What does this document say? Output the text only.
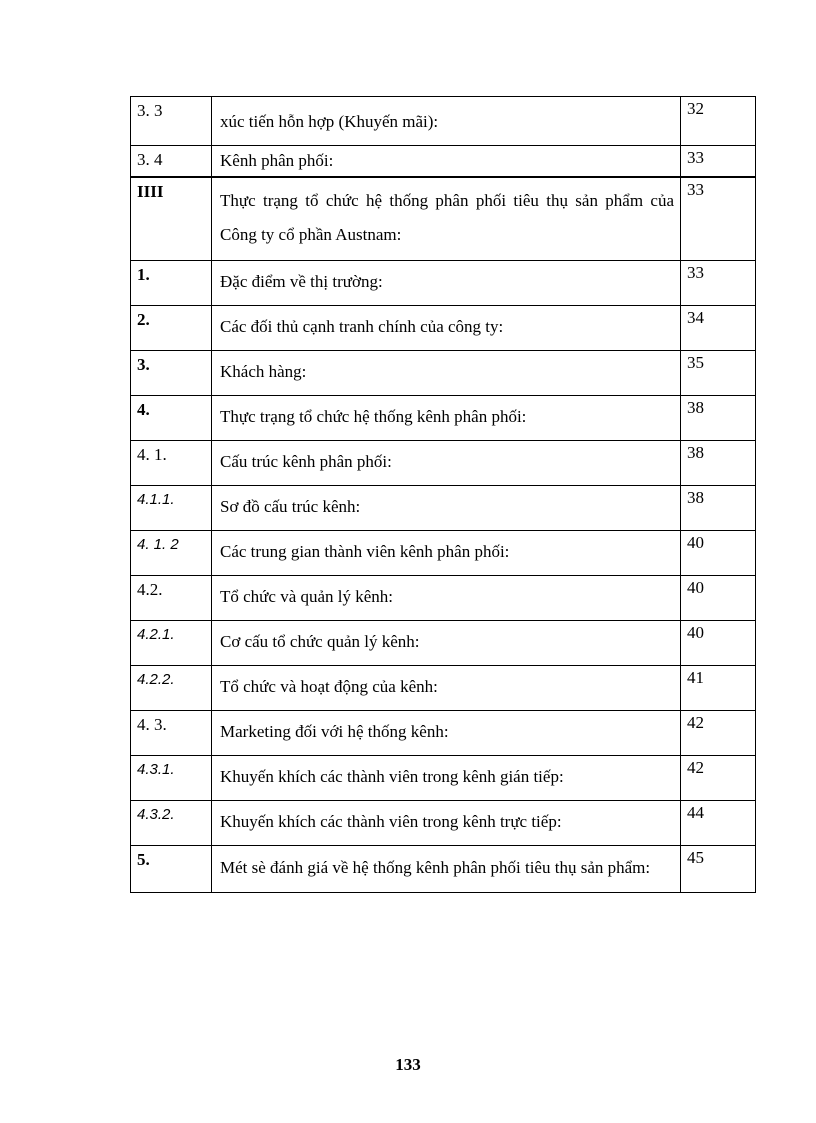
3. 3	xúc tiến hỗn hợp (Khuyến mãi):	32
3. 4	Kênh phân phối:	33
IIII	Thực trạng tổ chức hệ thống phân phối tiêu thụ sản phẩm của Công ty cổ phần Austnam:	33
1.	Đặc điểm về thị trường:	33
2.	Các đối thủ cạnh tranh chính của công ty:	34
3.	Khách hàng:	35
4.	Thực trạng tổ chức hệ thống kênh phân phối:	38
4. 1.	Cấu trúc kênh phân phối:	38
4.1.1.	Sơ đồ cấu trúc kênh:	38
4. 1. 2	Các trung gian thành viên kênh phân phối:	40
4.2.	Tổ chức và quản lý kênh:	40
4.2.1.	Cơ cấu tổ chức quản lý kênh:	40
4.2.2.	Tổ chức và hoạt động của kênh:	41
4. 3.	Marketing đối với hệ thống kênh:	42
4.3.1.	Khuyến khích các thành viên trong kênh gián tiếp:	42
4.3.2.	Khuyến khích các thành viên trong kênh trực tiếp:	44
5.	Mét sè đánh giá về hệ thống kênh phân phối tiêu thụ sản phẩm:	45
133
